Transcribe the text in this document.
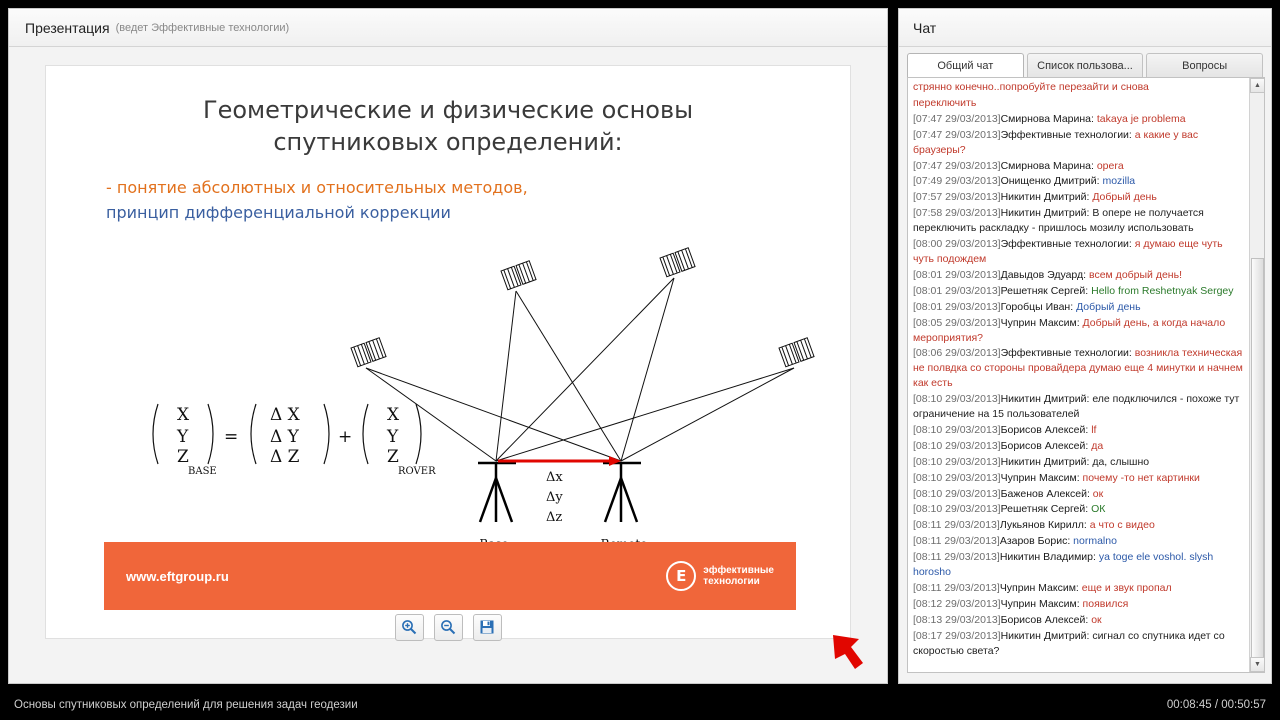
Презентация (ведет Эффективные технологии)
Геометрические и физические основы
спутниковых определений:
- понятие абсолютных и относительных методов,
принцип дифференциальной коррекции
Δx
Δy
Δz
X
Y
Z
BASE
=
Δ X
Δ Y
Δ Z
+
X
Y
Z
ROVER
www.eftgroup.ru	E	эффективные
технологии
Чат
Общий чат	Список пользова...	Вопросы
стрянно конечно..попробуйте перезайти и снова
переключить
[07:47 29/03/2013]Смирнова Марина: takaya je problema
[07:47 29/03/2013]Эффективные технологии: а какие у вас браузеры?
[07:47 29/03/2013]Смирнова Марина: opera
[07:49 29/03/2013]Онищенко Дмитрий: mozilla
[07:57 29/03/2013]Никитин Дмитрий: Добрый день
[07:58 29/03/2013]Никитин Дмитрий: В опере не получается переключить раскладку - пришлось мозилу использовать
[08:00 29/03/2013]Эффективные технологии: я думаю еще чуть чуть подождем
[08:01 29/03/2013]Давыдов Эдуард: всем добрый день!
[08:01 29/03/2013]Решетняк Сергей: Hello from Reshetnyak Sergey
[08:01 29/03/2013]Горобцы Иван: Добрый день
[08:05 29/03/2013]Чуприн Максим: Добрый день, а когда начало мероприятия?
[08:06 29/03/2013]Эффективные технологии: возникла техническая не полвдка со стороны провайдера думаю еще 4 минутки и начнем как есть
[08:10 29/03/2013]Никитин Дмитрий: еле подключился - похоже тут ограничение на 15 пользователей
[08:10 29/03/2013]Борисов Алексей: lf
[08:10 29/03/2013]Борисов Алексей: да
[08:10 29/03/2013]Никитин Дмитрий: да, слышно
[08:10 29/03/2013]Чуприн Максим: почему -то нет картинки
[08:10 29/03/2013]Баженов Алексей: ок
[08:10 29/03/2013]Решетняк Сергей: ОК
[08:11 29/03/2013]Лукьянов Кирилл: а что с видео
[08:11 29/03/2013]Азаров Борис: normalno
[08:11 29/03/2013]Никитин Владимир: ya toge ele voshol. slysh horosho
[08:11 29/03/2013]Чуприн Максим: еще и звук пропал
[08:12 29/03/2013]Чуприн Максим: появился
[08:13 29/03/2013]Борисов Алексей: ок
[08:17 29/03/2013]Никитин Дмитрий: сигнал со спутника идет со скоростью света?
▲
▼
Основы спутниковых определений для решения задач геодезии	00:08:45 / 00:50:57
